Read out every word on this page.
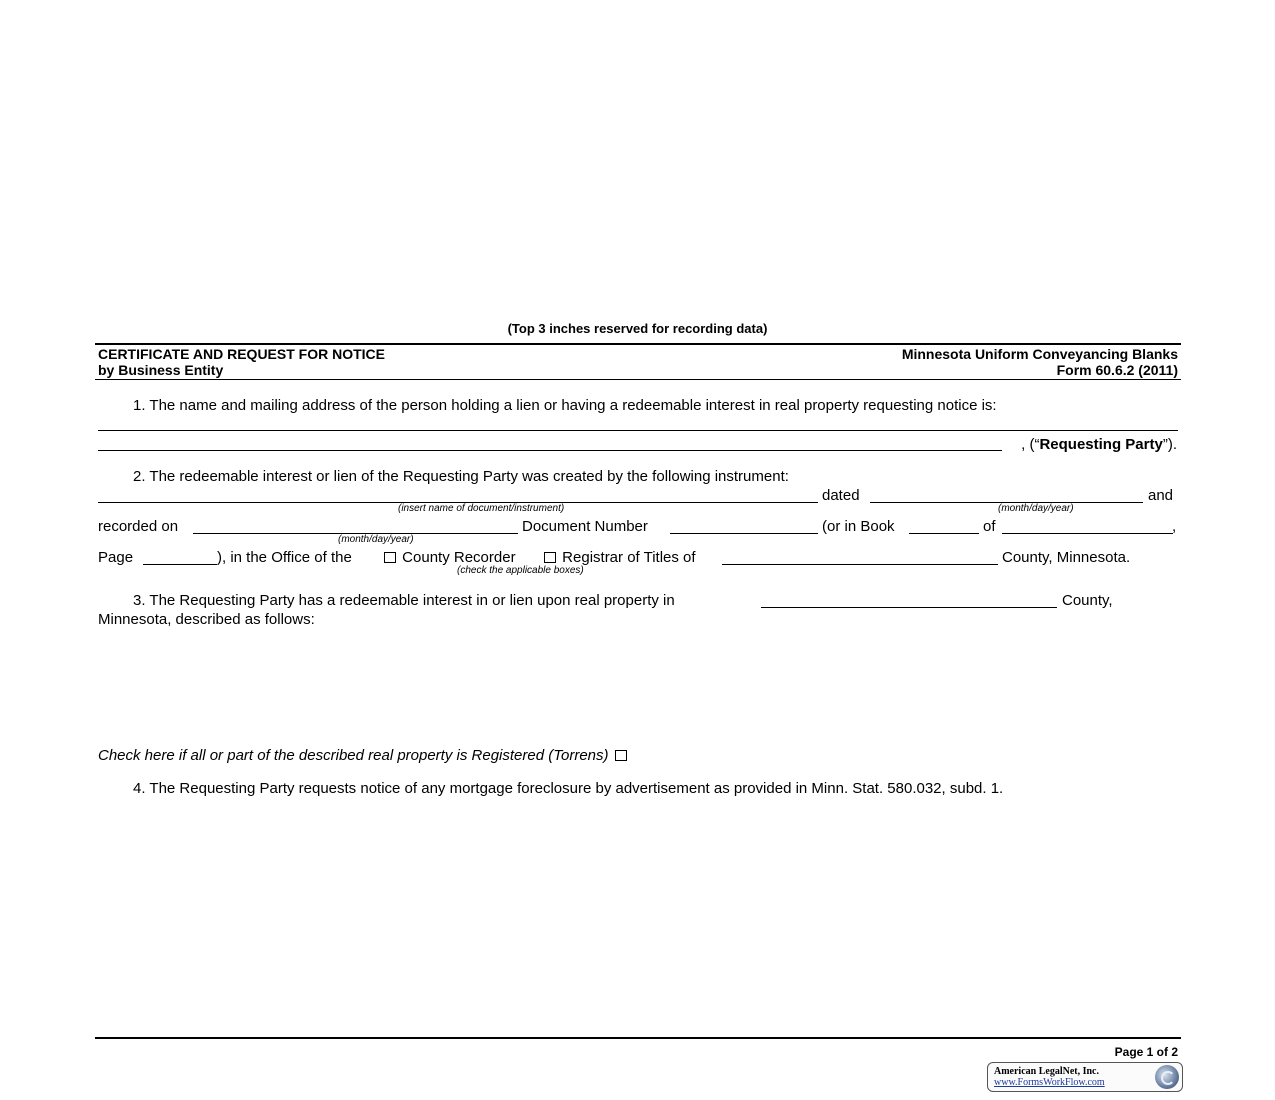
(Top 3 inches reserved for recording data)
CERTIFICATE AND REQUEST FOR NOTICE
by Business Entity
Minnesota Uniform Conveyancing Blanks
Form 60.6.2 (2011)
1. The name and mailing address of the person holding a lien or having a redeemable interest in real property requesting notice is:
, (“Requesting Party”).
2. The redeemable interest or lien of the Requesting Party was created by the following instrument:
dated	and
(insert name of document/instrument)	(month/day/year)
recorded on	Document Number	(or in Book	of	,
(month/day/year)
Page	), in the Office of the	County Recorder	Registrar of Titles of	County, Minnesota.
(check the applicable boxes)
3. The Requesting Party has a redeemable interest in or lien upon real property in	County,
Minnesota, described as follows:
Check here if all or part of the described real property is Registered (Torrens)
4. The Requesting Party requests notice of any mortgage foreclosure by advertisement as provided in Minn. Stat. 580.032, subd. 1.
Page 1 of 2
American LegalNet, Inc.
www.FormsWorkFlow.com
